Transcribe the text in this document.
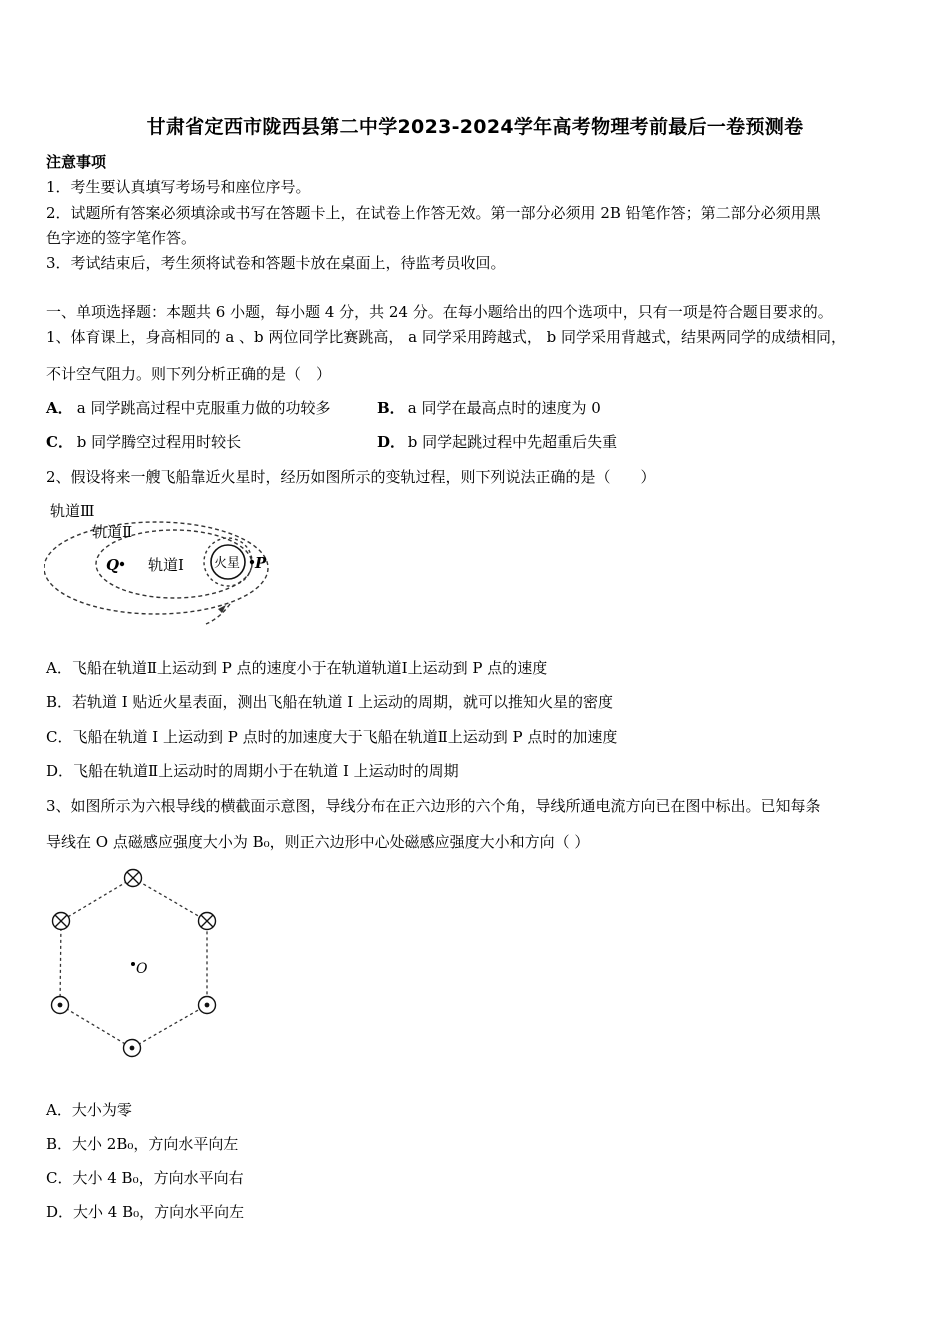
甘肃省定西市陇西县第二中学2023-2024学年高考物理考前最后一卷预测卷
注意事项
1．考生要认真填写考场号和座位序号。
2．试题所有答案必须填涂或书写在答题卡上，在试卷上作答无效。第一部分必须用 2B 铅笔作答；第二部分必须用黑
色字迹的签字笔作答。
3．考试结束后，考生须将试卷和答题卡放在桌面上，待监考员收回。
一、单项选择题：本题共 6 小题，每小题 4 分，共 24 分。在每小题给出的四个选项中，只有一项是符合题目要求的。
1、体育课上，身高相同的 a 、b 两位同学比赛跳高， a 同学采用跨越式， b 同学采用背越式，结果两同学的成绩相同，
不计空气阻力。则下列分析正确的是（　）
A． a 同学跳高过程中克服重力做的功较多	B． a 同学在最高点时的速度为 0
C． b 同学腾空过程用时较长	D． b 同学起跳过程中先超重后失重
2、假设将来一艘飞船靠近火星时，经历如图所示的变轨过程，则下列说法正确的是（　　）
轨道Ⅲ
轨道Ⅱ
轨道Ⅰ 火星
Q	P
A．飞船在轨道Ⅱ上运动到 P 点的速度小于在轨道轨道Ⅰ上运动到 P 点的速度
B．若轨道 I 贴近火星表面，测出飞船在轨道 I 上运动的周期，就可以推知火星的密度
C．飞船在轨道 I 上运动到 P 点时的加速度大于飞船在轨道Ⅱ上运动到 P 点时的加速度
D．飞船在轨道Ⅱ上运动时的周期小于在轨道 I 上运动时的周期
3、如图所示为六根导线的横截面示意图，导线分布在正六边形的六个角，导线所通电流方向已在图中标出。已知每条
导线在 O 点磁感应强度大小为 B₀，则正六边形中心处磁感应强度大小和方向（ ）
O
A．大小为零
B．大小 2B₀，方向水平向左
C．大小 4 B₀，方向水平向右
D．大小 4 B₀，方向水平向左
